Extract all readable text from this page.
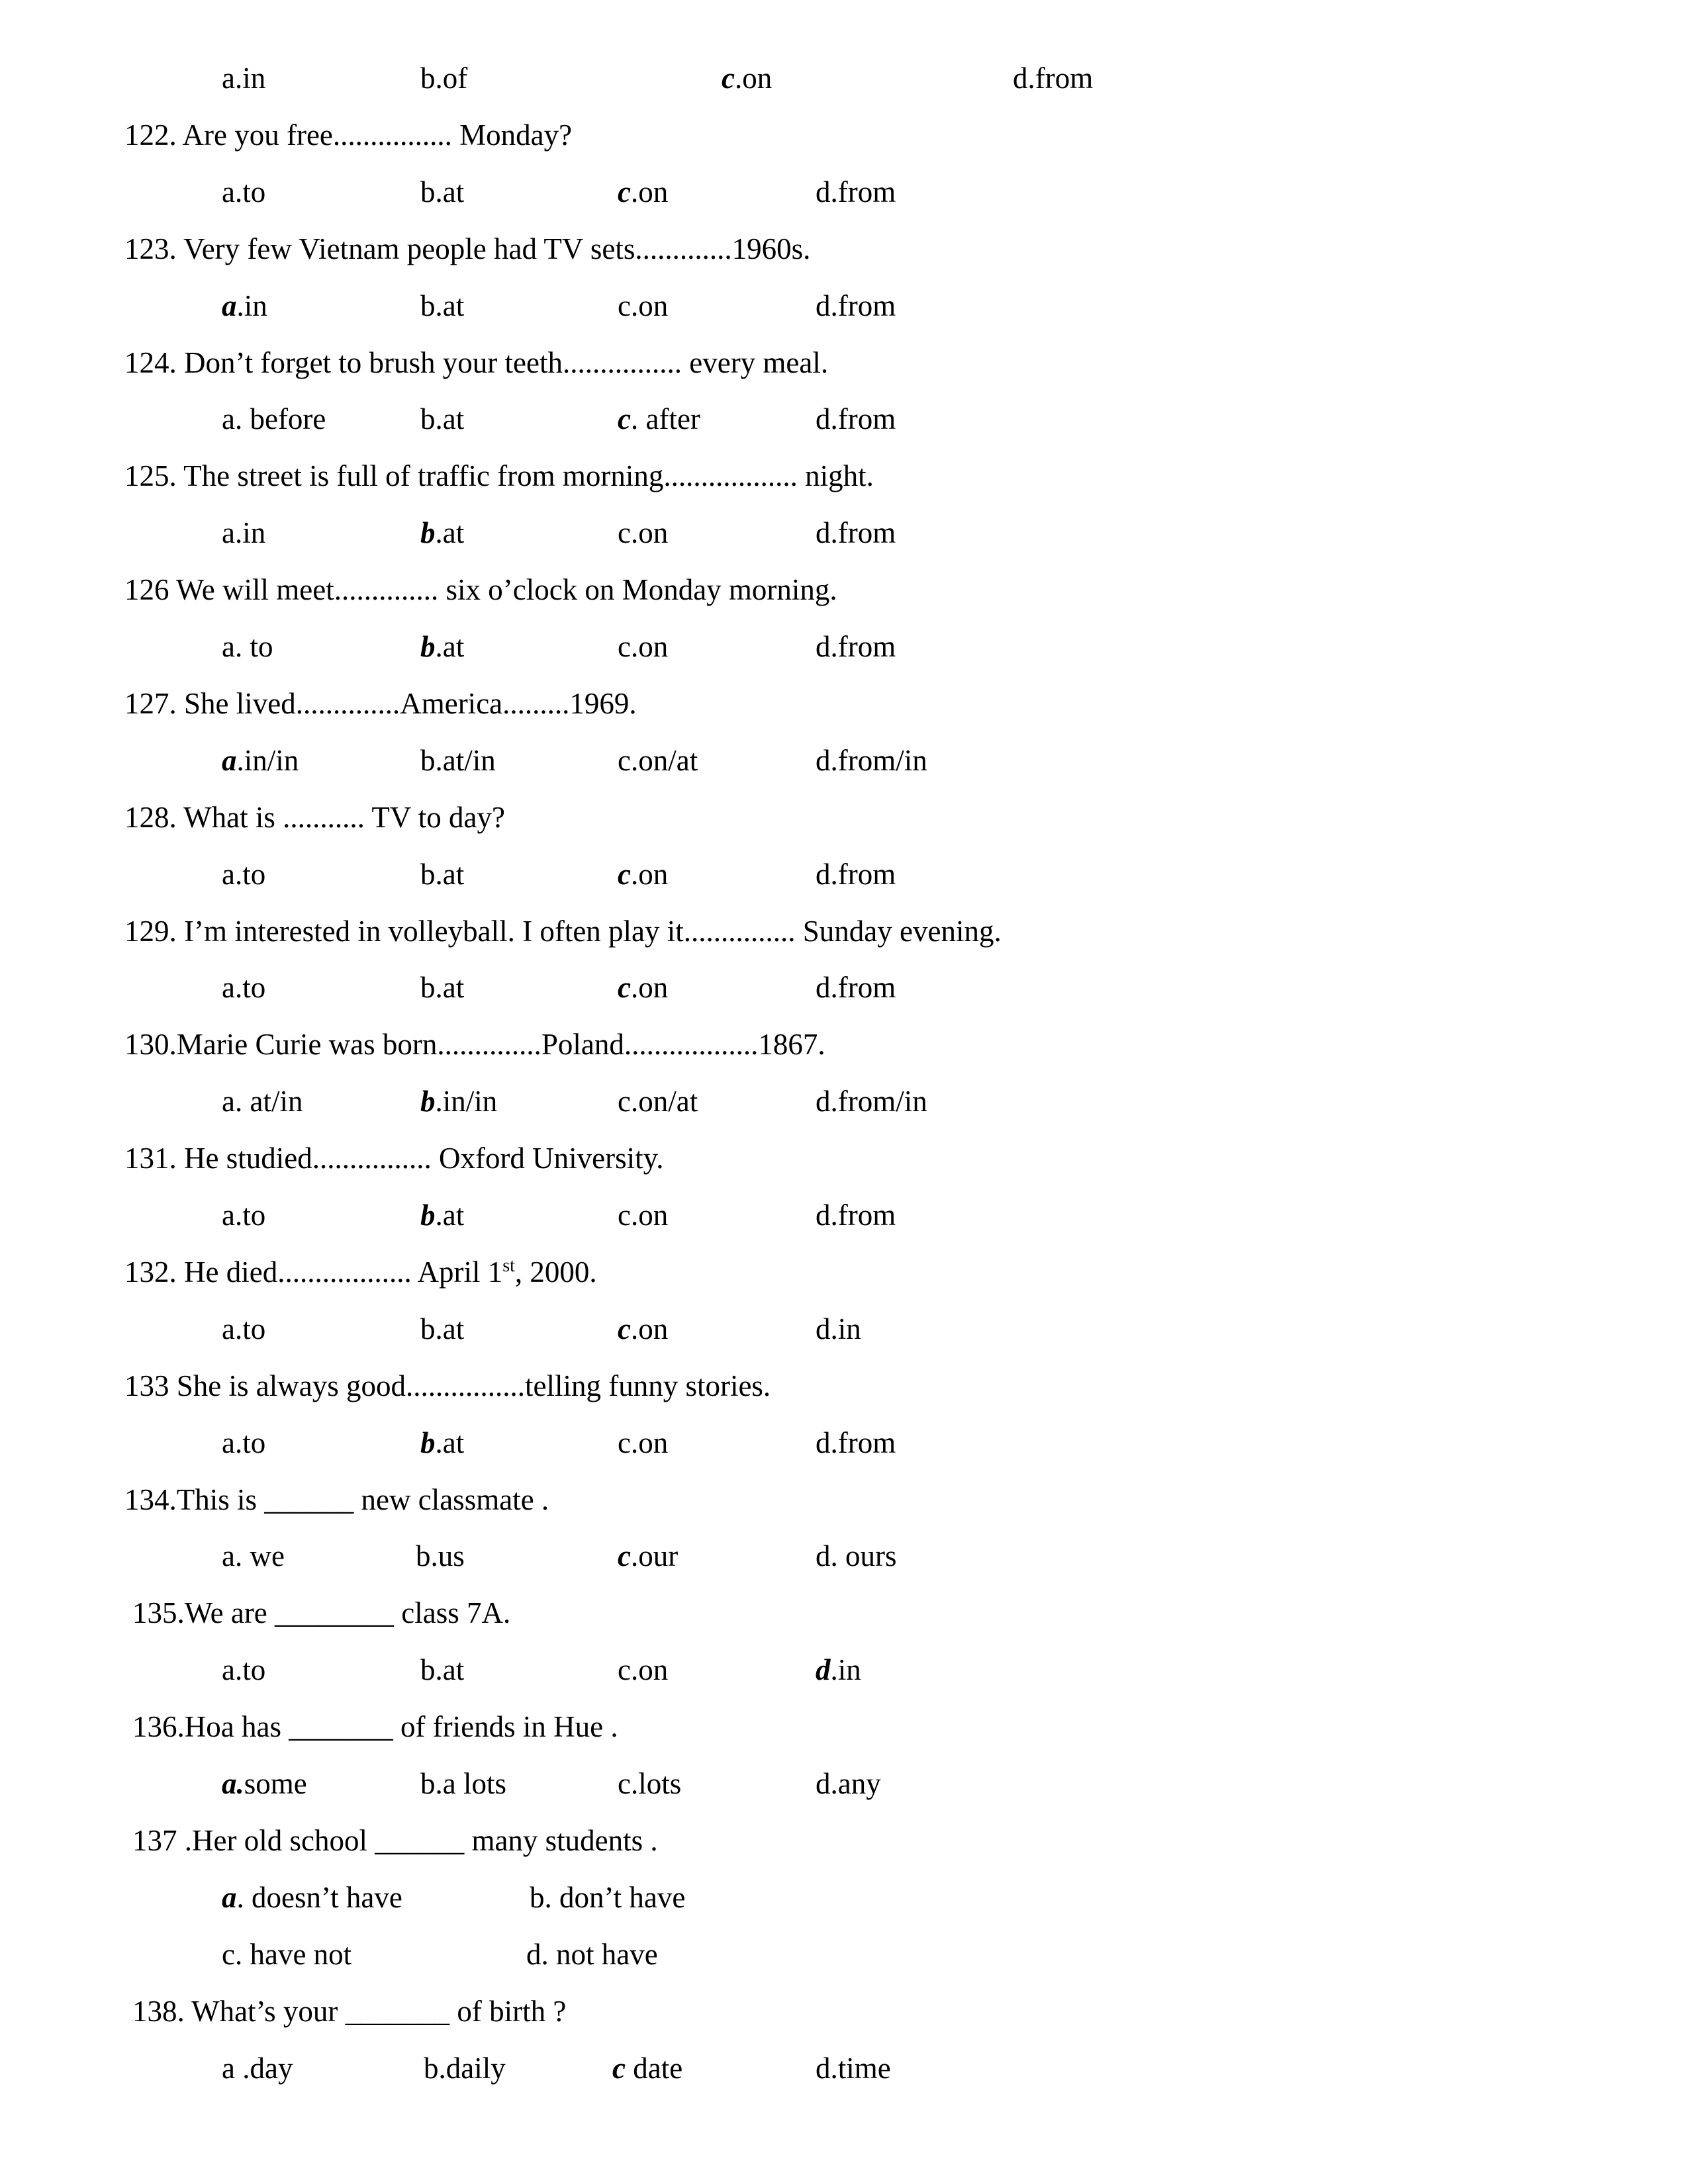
a.in	b.of	c.on	d.from
122. Are you free................ Monday?
a.to	b.at	c.on	d.from
123. Very few Vietnam people had TV sets.............1960s.
a.in	b.at	c.on	d.from
124. Don’t forget to brush your teeth................ every meal.
a. before	b.at	c. after	d.from
125. The street is full of traffic from morning.................. night.
a.in	b.at	c.on	d.from
126 We will meet.............. six o’clock on Monday morning.
a. to	b.at	c.on	d.from
127. She lived..............America.........1969.
a.in/in	b.at/in	c.on/at	d.from/in
128. What is ........... TV to day?
a.to	b.at	c.on	d.from
129. I’m interested in volleyball. I often play it............... Sunday evening.
a.to	b.at	c.on	d.from
130.Marie Curie was born..............Poland..................1867.
a. at/in	b.in/in	c.on/at	d.from/in
131. He studied................ Oxford University.
a.to	b.at	c.on	d.from
132. He died.................. April 1st, 2000.
a.to	b.at	c.on	d.in
133 She is always good................telling funny stories.
a.to	b.at	c.on	d.from
134.This is ______ new classmate .
a. we	b.us	c.our	d. ours
135.We are ________ class 7A.
a.to	b.at	c.on	d.in
136.Hoa has _______ of friends in Hue .
a.some	b.a lots	c.lots	d.any
137 .Her old school ______ many students .
a. doesn’t have	b. don’t have
c. have not	d. not have
138. What’s your _______ of birth ?
a .day	b.daily	c date	d.time
